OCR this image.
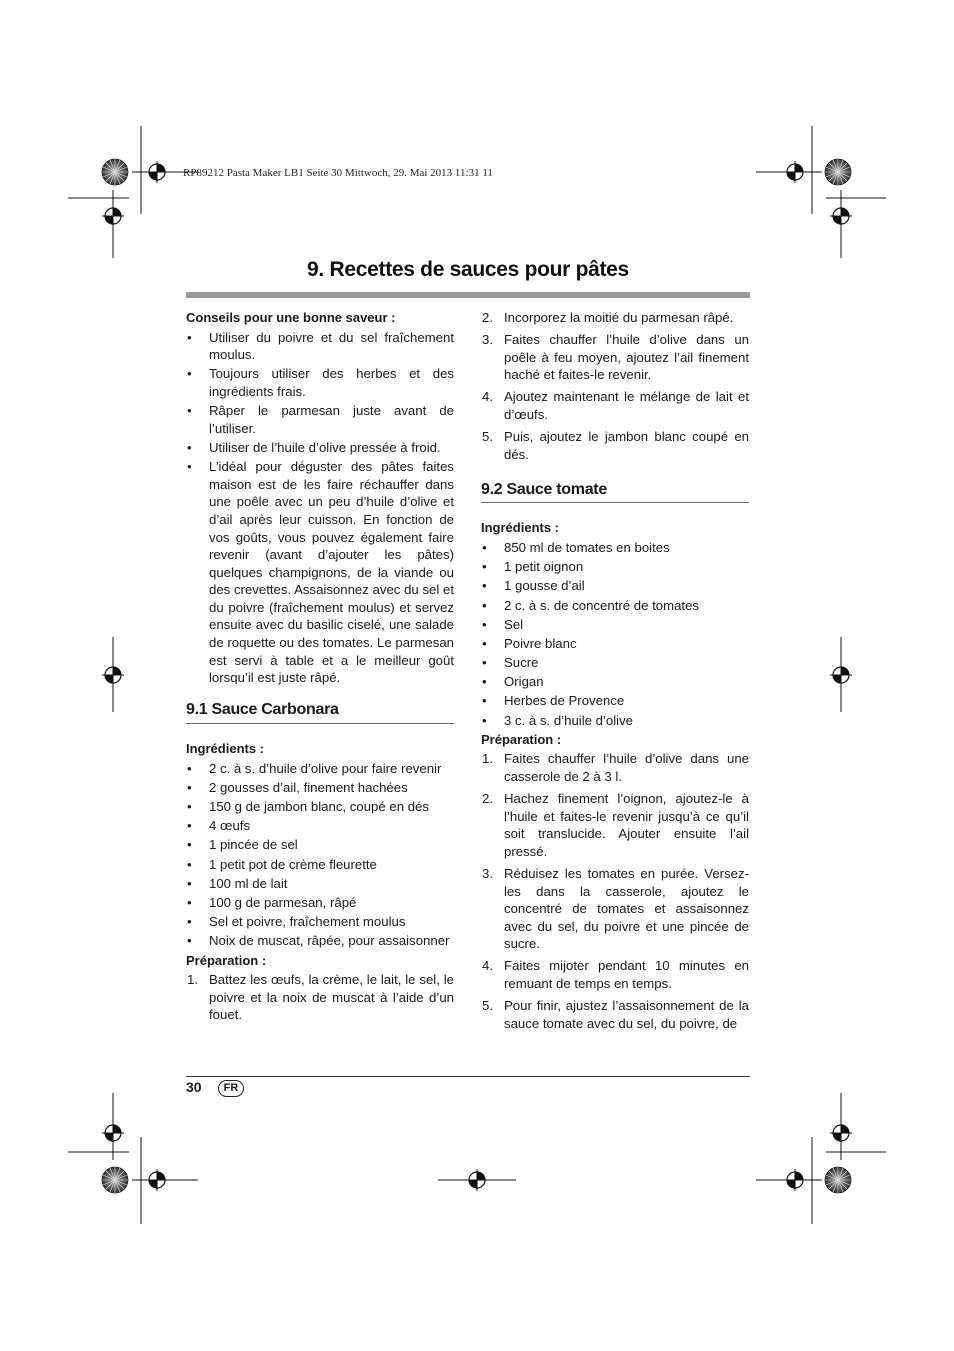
RP89212 Pasta Maker LB1 Seite 30 Mittwoch, 29. Mai 2013 11:31 11
9. Recettes de sauces pour pâtes

Conseils pour une bonne saveur :

• Utiliser du poivre et du sel fraîchement moulus.
• Toujours utiliser des herbes et des ingrédients frais.
• Râper le parmesan juste avant de l’utiliser.
• Utiliser de l’huile d’olive pressée à froid.
• L’idéal pour déguster des pâtes faites maison est de les faire réchauffer dans une poêle avec un peu d’huile d’olive et d’ail après leur cuisson. En fonction de vos goûts, vous pouvez également faire revenir (avant d’ajouter les pâtes) quelques champignons, de la viande ou des crevettes. Assaisonnez avec du sel et du poivre (fraîchement moulus) et servez ensuite avec du basilic ciselé, une salade de roquette ou des tomates. Le parmesan est servi à table et a le meilleur goût lorsqu’il est juste râpé.
9.1 Sauce Carbonara

Ingrédients :

• 2 c. à s. d’huile d’olive pour faire revenir
• 2 gousses d’ail, finement hachées
• 150 g de jambon blanc, coupé en dés
• 4 œufs
• 1 pincée de sel
• 1 petit pot de crème fleurette
• 100 ml de lait
• 100 g de parmesan, râpé
• Sel et poivre, fraîchement moulus
• Noix de muscat, râpée, pour assaisonner

Préparation :

1. Battez les œufs, la crème, le lait, le sel, le poivre et la noix de muscat à l’aide d’un fouet.
2. Incorporez la moitié du parmesan râpé.
3. Faites chauffer l’huile d’olive dans un poêle à feu moyen, ajoutez l’ail finement haché et faites-le revenir.
4. Ajoutez maintenant le mélange de lait et d’œufs.
5. Puis, ajoutez le jambon blanc coupé en dés.
9.2 Sauce tomate

Ingrédients :

• 850 ml de tomates en boites
• 1 petit oignon
• 1 gousse d’ail
• 2 c. à s. de concentré de tomates
• Sel
• Poivre blanc
• Sucre
• Origan
• Herbes de Provence
• 3 c. à s. d’huile d’olive

Préparation :

1. Faites chauffer l’huile d’olive dans une casserole de 2 à 3 l.
2. Hachez finement l’oignon, ajoutez-le à l’huile et faites-le revenir jusqu’à ce qu’il soit translucide. Ajouter ensuite l’ail pressé.
3. Réduisez les tomates en purée. Versez-les dans la casserole, ajoutez le concentré de tomates et assaisonnez avec du sel, du poivre et une pincée de sucre.
4. Faites mijoter pendant 10 minutes en remuant de temps en temps.
5. Pour finir, ajustez l’assaisonnement de la sauce tomate avec du sel, du poivre, de
30	FR
